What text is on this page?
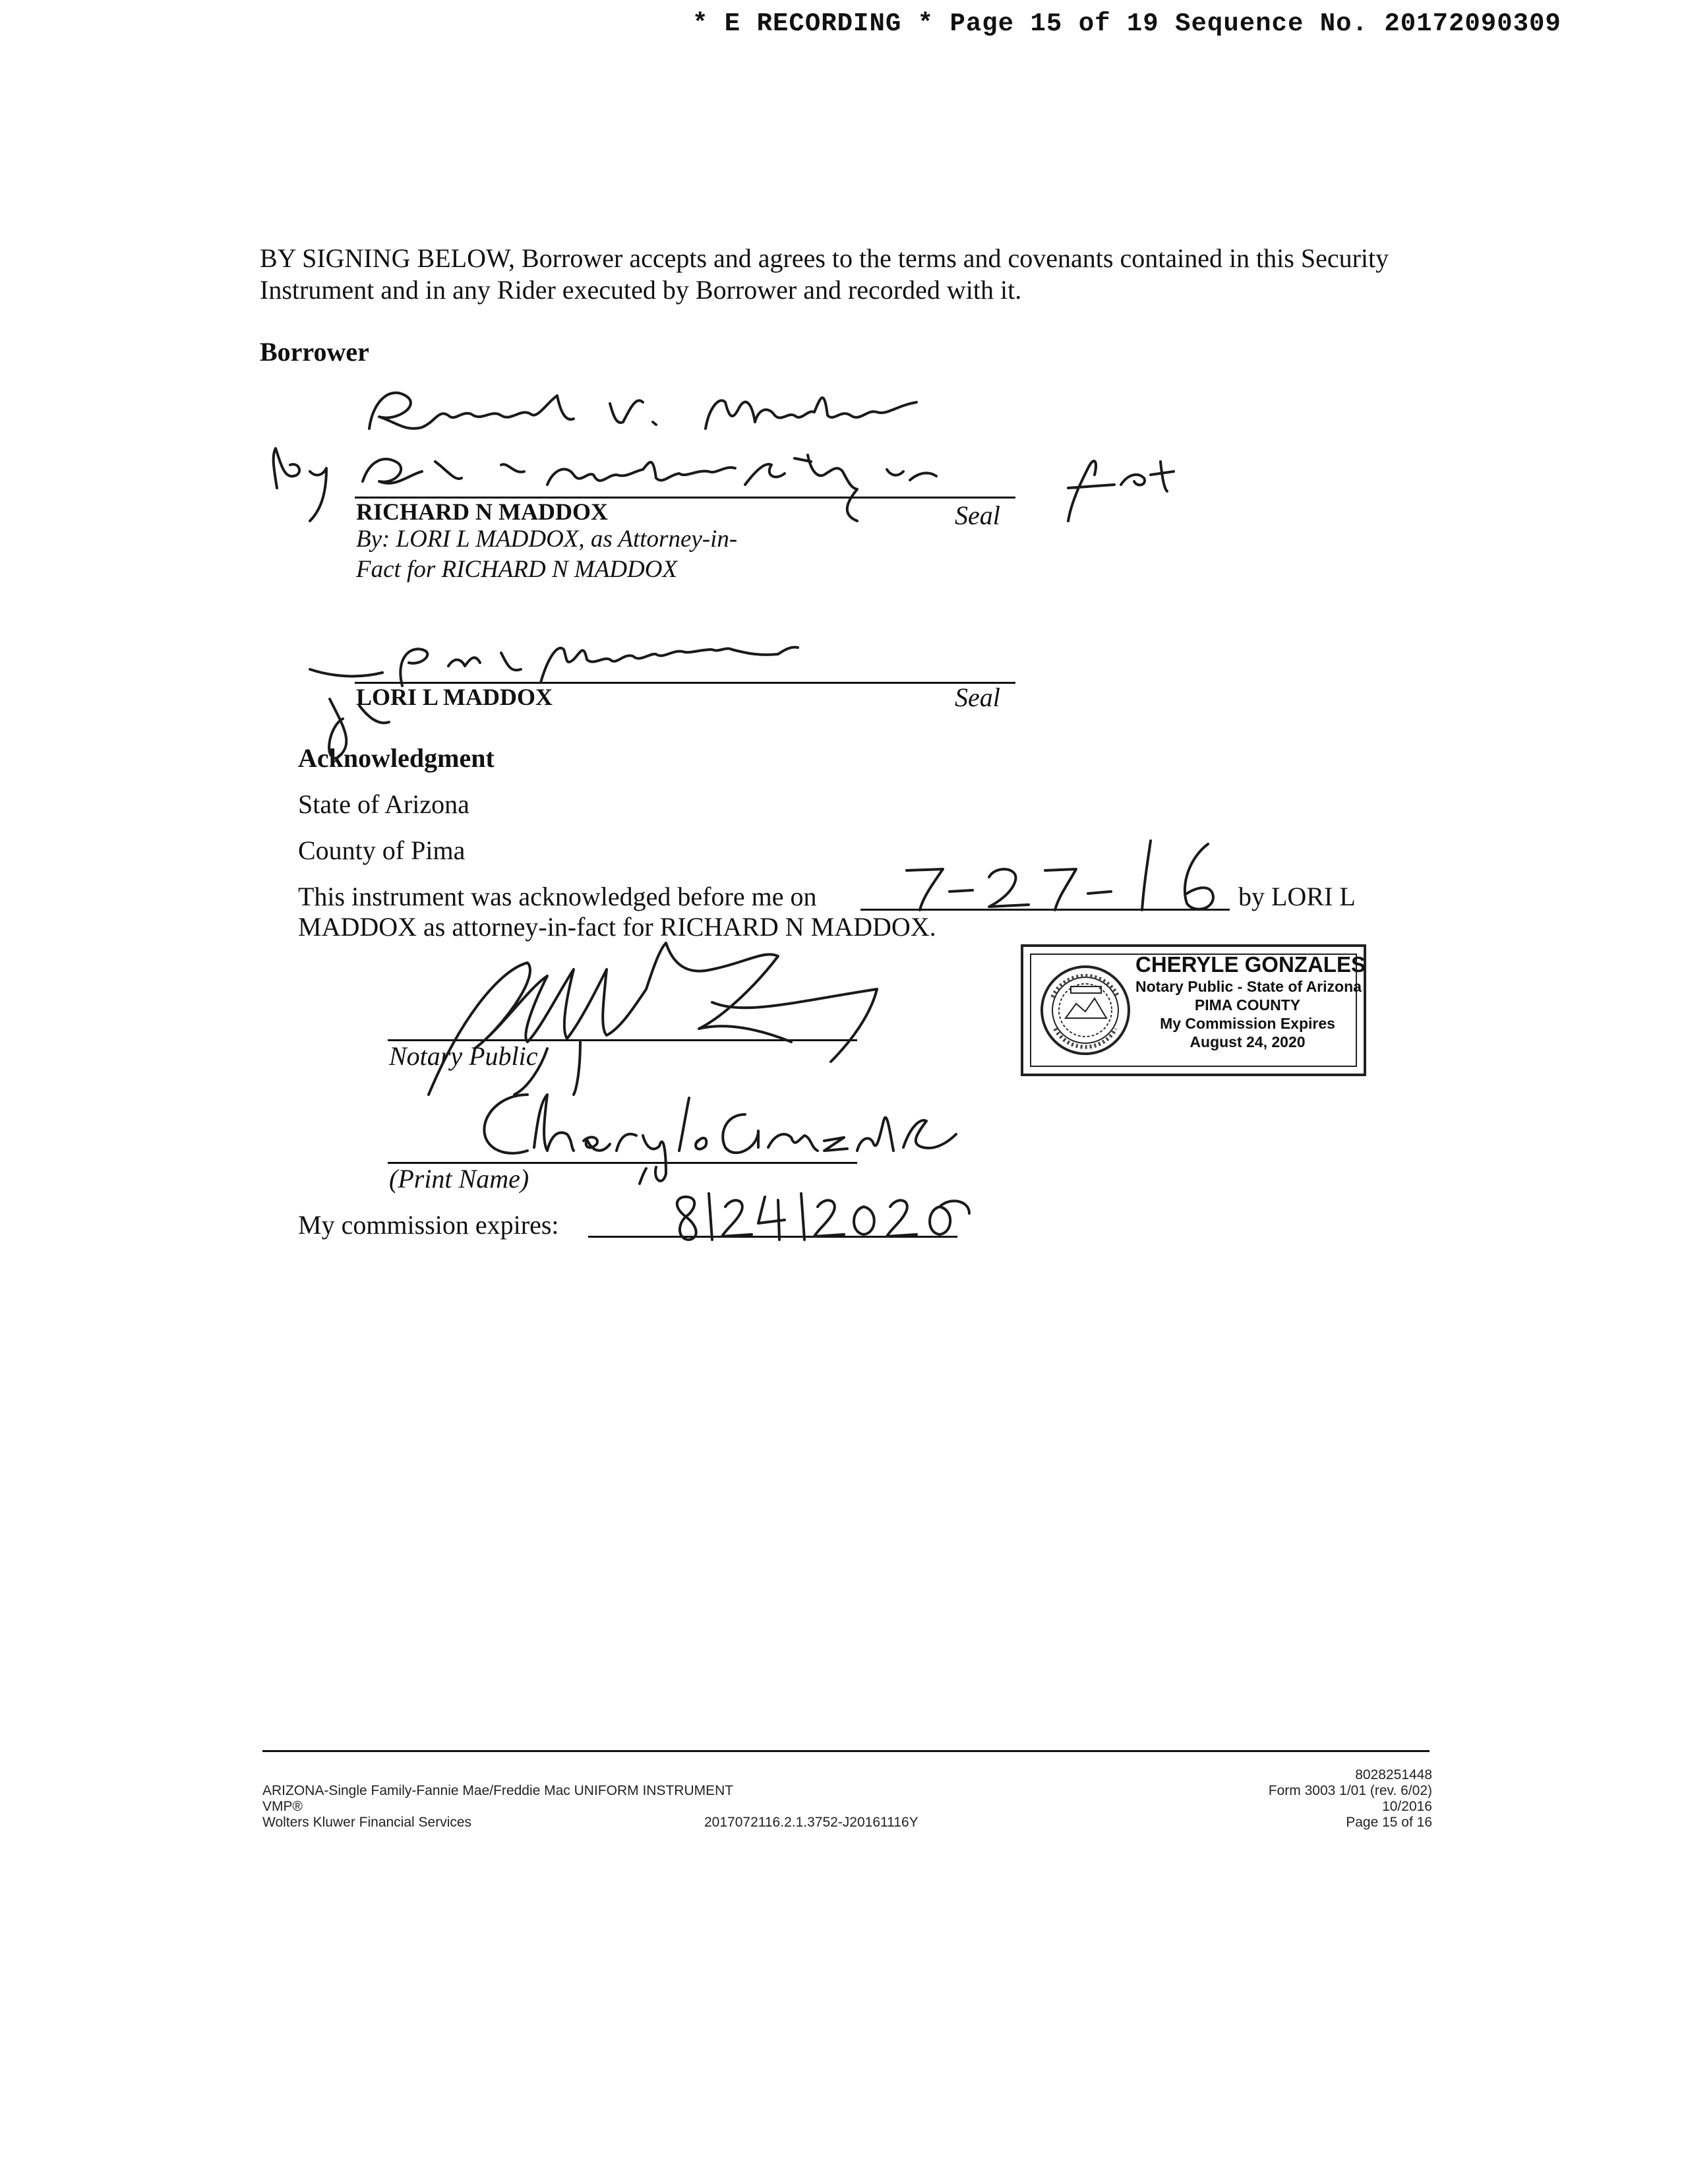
* E RECORDING * Page 15 of 19 Sequence No. 20172090309
BY SIGNING BELOW, Borrower accepts and agrees to the terms and covenants contained in this Security Instrument and in any Rider executed by Borrower and recorded with it.
Borrower
RICHARD N MADDOX	Seal
By: LORI L MADDOX, as Attorney-in-
Fact for RICHARD N MADDOX
LORI L MADDOX	Seal
Acknowledgment
State of Arizona
County of Pima
This instrument was acknowledged before me on	by LORI L
MADDOX as attorney-in-fact for RICHARD N MADDOX.
Notary Public
(Print Name)
My commission expires:
CHERYLE GONZALES
Notary Public - State of Arizona
PIMA COUNTY
My Commission Expires
August 24, 2020
ARIZONA-Single Family-Fannie Mae/Freddie Mac UNIFORM INSTRUMENT
VMP®
Wolters Kluwer Financial Services	2017072116.2.1.3752-J20161116Y
8028251448
Form 3003 1/01 (rev. 6/02)
10/2016
Page 15 of 16
